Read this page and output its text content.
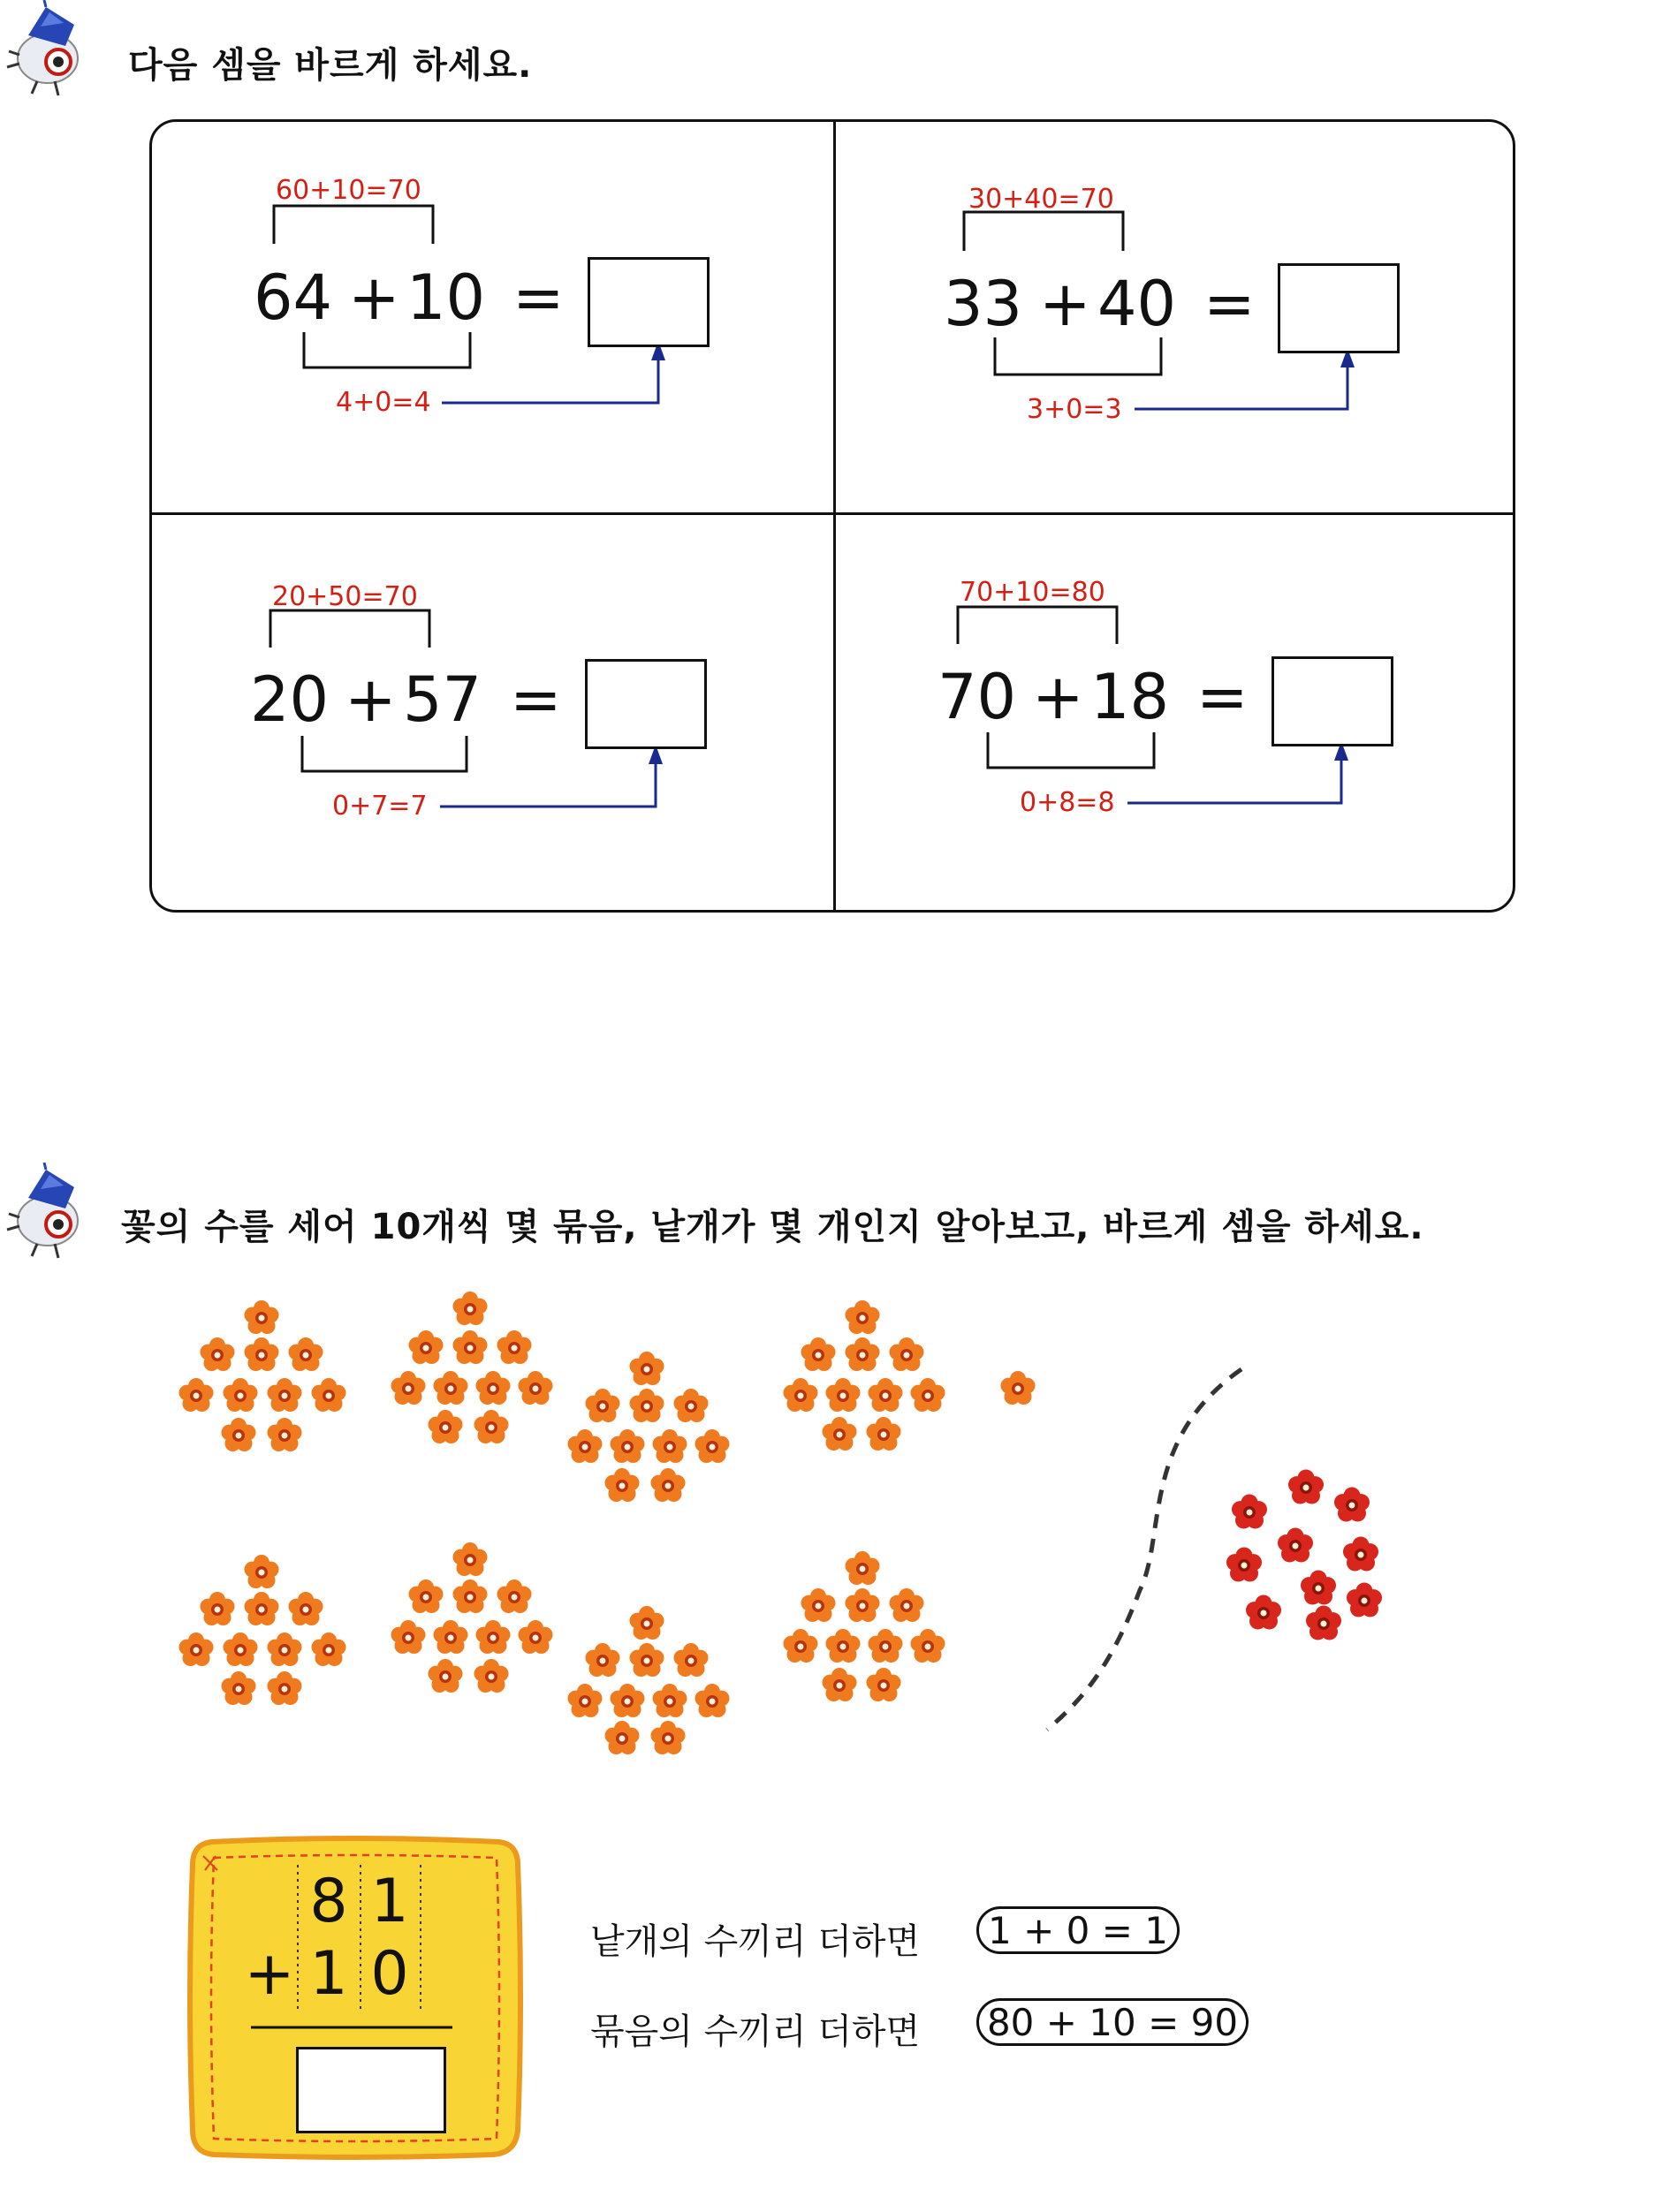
다음 셈을 바르게 하세요.
60+10=70
64 + 10 =
4+0=4
30+40=70
33 + 40 =
3+0=3
20+50=70
20 + 57 =
0+7=7
70+10=80
70 + 18 =
0+8=8
꽃의 수를 세어 10개씩 몇 묶음, 낱개가 몇 개인지 알아보고, 바르게 셈을 하세요.
8 1
+ 1 0	낱개의 수끼리 더하면	1 + 0 = 1
묶음의 수끼리 더하면 80 + 10 = 90
